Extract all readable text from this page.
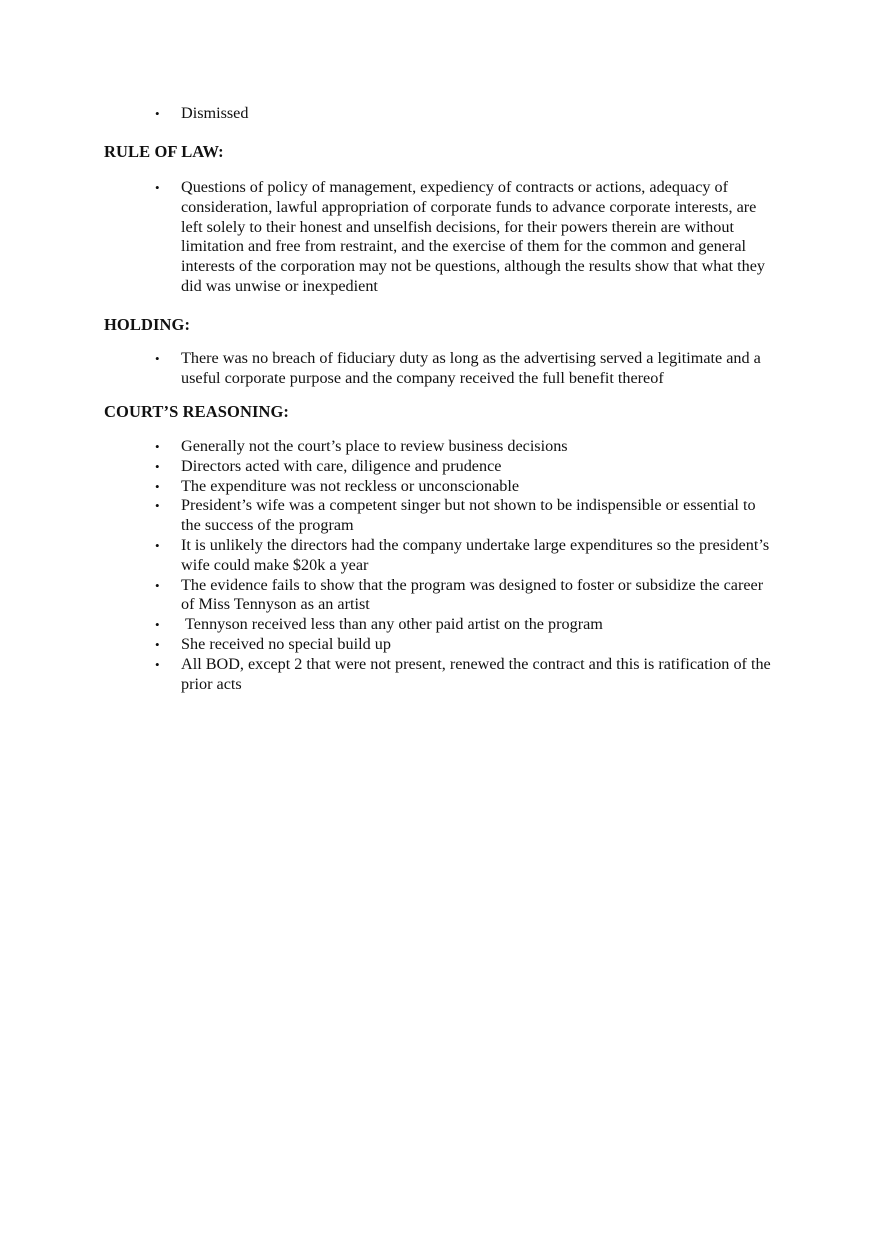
• Dismissed
RULE OF LAW:
• Questions of policy of management, expediency of contracts or actions, adequacy of consideration, lawful appropriation of corporate funds to advance corporate interests, are left solely to their honest and unselfish decisions, for their powers therein are without limitation and free from restraint, and the exercise of them for the common and general interests of the corporation may not be questions, although the results show that what they did was unwise or inexpedient
HOLDING:
• There was no breach of fiduciary duty as long as the advertising served a legitimate and a useful corporate purpose and the company received the full benefit thereof
COURT’S REASONING:
• Generally not the court’s place to review business decisions
• Directors acted with care, diligence and prudence
• The expenditure was not reckless or unconscionable
• President’s wife was a competent singer but not shown to be indispensible or essential to the success of the program
• It is unlikely the directors had the company undertake large expenditures so the president’s wife could make $20k a year
• The evidence fails to show that the program was designed to foster or subsidize the career of Miss Tennyson as an artist
• Tennyson received less than any other paid artist on the program
• She received no special build up
• All BOD, except 2 that were not present, renewed the contract and this is ratification of the prior acts
